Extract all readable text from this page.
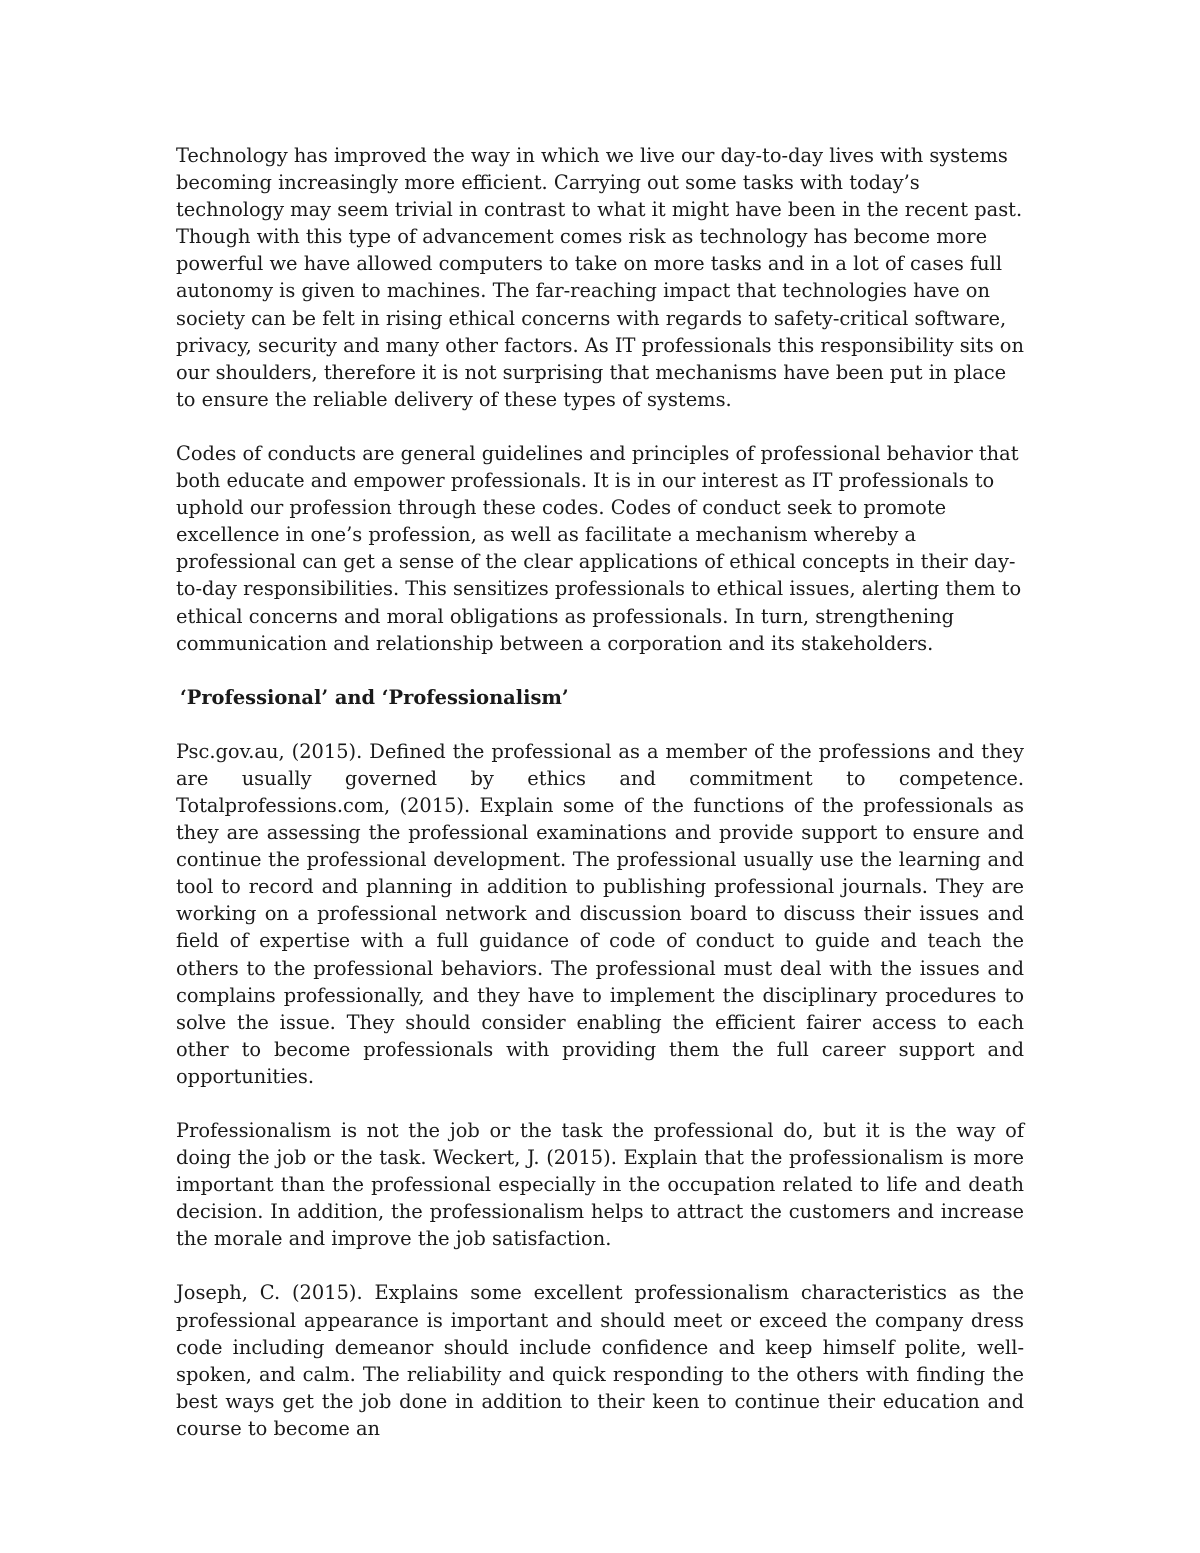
Technology has improved the way in which we live our day-to-day lives with systems becoming increasingly more efficient. Carrying out some tasks with today’s technology may seem trivial in contrast to what it might have been in the recent past. Though with this type of advancement comes risk as technology has become more powerful we have allowed computers to take on more tasks and in a lot of cases full autonomy is given to machines. The far-reaching impact that technologies have on society can be felt in rising ethical concerns with regards to safety-critical software, privacy, security and many other factors. As IT professionals this responsibility sits on our shoulders, therefore it is not surprising that mechanisms have been put in place to ensure the reliable delivery of these types of systems.

Codes of conducts are general guidelines and principles of professional behavior that both educate and empower professionals. It is in our interest as IT professionals to uphold our profession through these codes. Codes of conduct seek to promote excellence in one’s profession, as well as facilitate a mechanism whereby a professional can get a sense of the clear applications of ethical concepts in their day-to-day responsibilities. This sensitizes professionals to ethical issues, alerting them to ethical concerns and moral obligations as professionals. In turn, strengthening communication and relationship between a corporation and its stakeholders.

‘Professional’ and ‘Professionalism’

Psc.gov.au, (2015). Defined the professional as a member of the professions and they are usually governed by ethics and commitment to competence. Totalprofessions.com, (2015). Explain some of the functions of the professionals as they are assessing the professional examinations and provide support to ensure and continue the professional development. The professional usually use the learning and tool to record and planning in addition to publishing professional journals. They are working on a professional network and discussion board to discuss their issues and field of expertise with a full guidance of code of conduct to guide and teach the others to the professional behaviors. The professional must deal with the issues and complains professionally, and they have to implement the disciplinary procedures to solve the issue. They should consider enabling the efficient fairer access to each other to become professionals with providing them the full career support and opportunities.

Professionalism is not the job or the task the professional do, but it is the way of doing the job or the task. Weckert, J. (2015). Explain that the professionalism is more important than the professional especially in the occupation related to life and death decision. In addition, the professionalism helps to attract the customers and increase the morale and improve the job satisfaction.

Joseph, C. (2015). Explains some excellent professionalism characteristics as the professional appearance is important and should meet or exceed the company dress code including demeanor should include confidence and keep himself polite, well-spoken, and calm. The reliability and quick responding to the others with finding the best ways get the job done in addition to their keen to continue their education and course to become an
